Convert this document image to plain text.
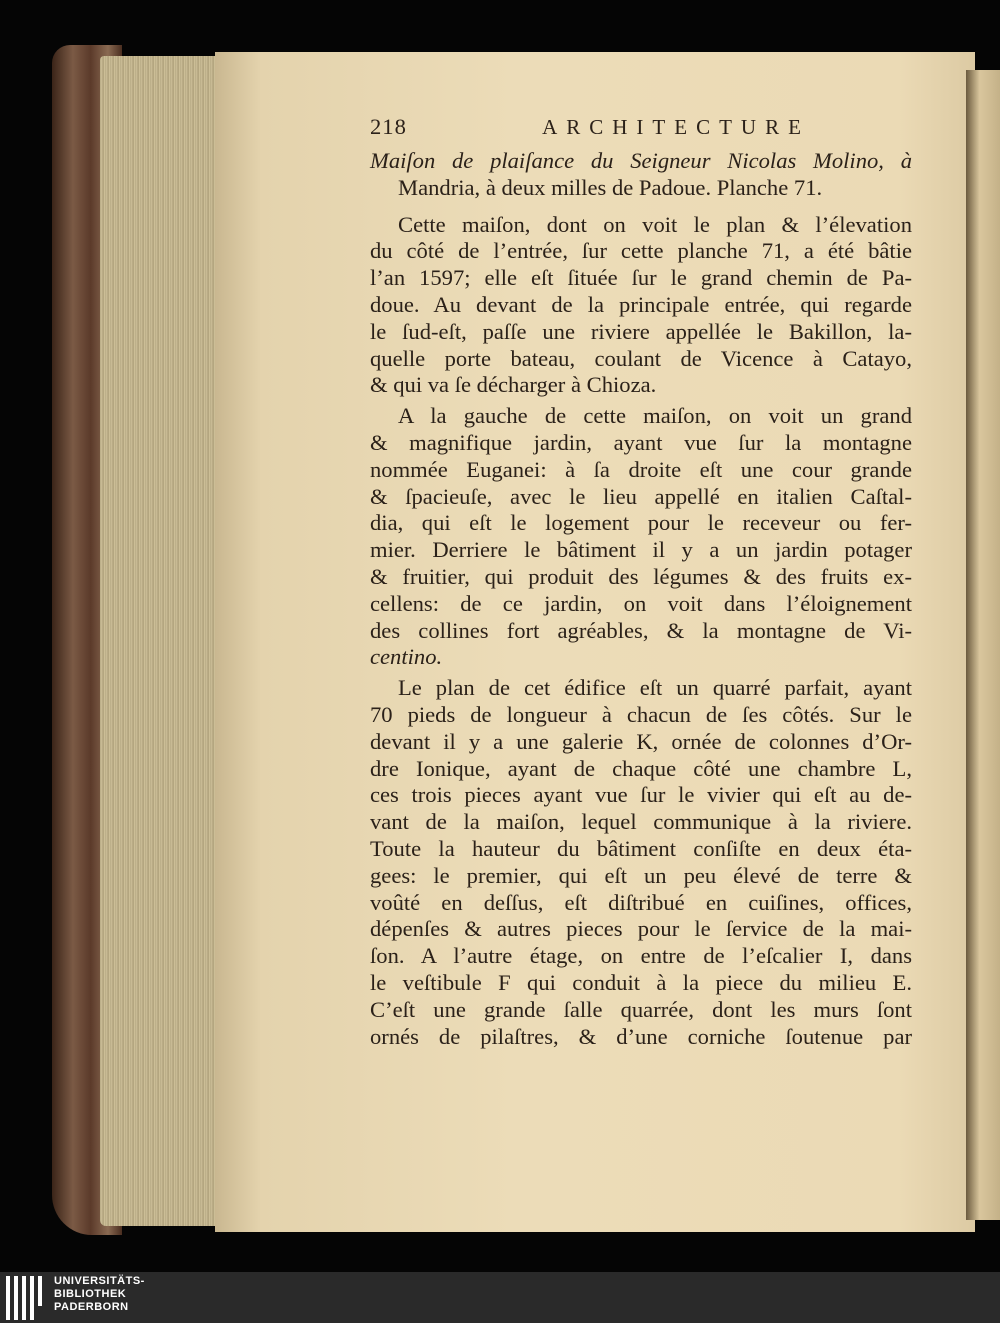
218	ARCHITECTURE
Maiſon de plaiſance du Seigneur Nicolas Molino, à
Mandria, à deux milles de Padoue. Planche 71.
Cette maiſon, dont on voit le plan & l’élevation
du côté de l’entrée, ſur cette planche 71, a été bâtie
l’an 1597; elle eſt ſituée ſur le grand chemin de Pa-
doue. Au devant de la principale entrée, qui regarde
le ſud-eſt, paſſe une riviere appellée le Bakillon, la-
quelle porte bateau, coulant de Vicence à Catayo,
& qui va ſe décharger à Chioza.
A la gauche de cette maiſon, on voit un grand
& magnifique jardin, ayant vue ſur la montagne
nommée Euganei: à ſa droite eſt une cour grande
& ſpacieuſe, avec le lieu appellé en italien Caſtal-
dia, qui eſt le logement pour le receveur ou fer-
mier. Derriere le bâtiment il y a un jardin potager
& fruitier, qui produit des légumes & des fruits ex-
cellens: de ce jardin, on voit dans l’éloignement
des collines fort agréables, & la montagne de Vi-
centino.
Le plan de cet édifice eſt un quarré parfait, ayant
70 pieds de longueur à chacun de ſes côtés. Sur le
devant il y a une galerie K, ornée de colonnes d’Or-
dre Ionique, ayant de chaque côté une chambre L,
ces trois pieces ayant vue ſur le vivier qui eſt au de-
vant de la maiſon, lequel communique à la riviere.
Toute la hauteur du bâtiment conſiſte en deux éta-
gees: le premier, qui eſt un peu élevé de terre &
voûté en deſſus, eſt diſtribué en cuiſines, offices,
dépenſes & autres pieces pour le ſervice de la mai-
ſon. A l’autre étage, on entre de l’eſcalier I, dans
le veſtibule F qui conduit à la piece du milieu E.
C’eſt une grande ſalle quarrée, dont les murs ſont
ornés de pilaſtres, & d’une corniche ſoutenue par
UNIVERSITÄTS-
BIBLIOTHEK
PADERBORN
